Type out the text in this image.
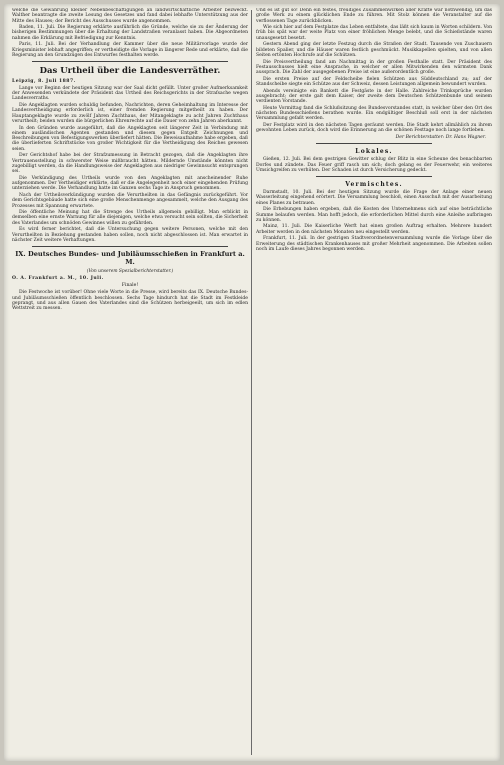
welche die Gewährung kleiner Nebenbeschäftigungen an landwirtschaftliche Arbeiter bezweckt. Walther beantragte die zweite Lesung des Gesetzes und fand dabei lebhafte Unterstützung aus der Mitte des Hauses; der Bericht des Ausschusses wurde angenommen.

Baden, 11. Juli. Die Regierung erklärte ausführlich die Gründe, welche sie zu der Änderung der bisherigen Bestimmungen über die Erhaltung der Landstraßen veranlasst haben. Die Abgeordneten nahmen die Erklärung mit Befriedigung zur Kenntnis.

Paris, 11. Juli. Bei der Verhandlung der Kammer über die neue Militärvorlage wurde der Kriegsminister lebhaft angegriffen; er vertheidigte die Vorlage in längerer Rede und erklärte, daß die Regierung an den Grundzügen des Entwurfes festhalten werde.

Das Urtheil über die Landesverräther.

Leipzig, 8. Juli 1887.

Lange vor Beginn der heutigen Sitzung war der Saal dicht gefüllt. Unter großer Aufmerksamkeit der Anwesenden verkündete der Präsident das Urtheil des Reichsgerichts in der Strafsache wegen Landesverraths.

Die Angeklagten wurden schuldig befunden, Nachrichten, deren Geheimhaltung im Interesse der Landesvertheidigung erforderlich ist, einer fremden Regierung mitgetheilt zu haben. Der Hauptangeklagte wurde zu zwölf Jahren Zuchthaus, der Mitangeklagte zu acht Jahren Zuchthaus verurtheilt; beiden wurden die bürgerlichen Ehrenrechte auf die Dauer von zehn Jahren aberkannt.

In den Gründen wurde ausgeführt, daß die Angeklagten seit längerer Zeit in Verbindung mit einem ausländischen Agenten gestanden und diesem gegen Entgelt Zeichnungen und Beschreibungen von Befestigungswerken überliefert hätten. Die Beweisaufnahme habe ergeben, daß die überlieferten Schriftstücke von großer Wichtigkeit für die Vertheidigung des Reiches gewesen seien.

Der Gerichtshof habe bei der Strafzumessung in Betracht gezogen, daß die Angeklagten ihre Vertrauensstellung in schwerster Weise mißbraucht hätten. Mildernde Umstände könnten nicht zugebilligt werden, da die Handlungsweise der Angeklagten aus niedriger Gewinnsucht entsprungen sei.

Die Verkündigung des Urtheils wurde von den Angeklagten mit anscheinender Ruhe aufgenommen. Der Vertheidiger erklärte, daß er die Angelegenheit noch einer eingehenden Prüfung unterziehen werde. Die Verhandlung hatte im Ganzen sechs Tage in Anspruch genommen.

Nach der Urtheilsverkündigung wurden die Verurtheilten in das Gefängnis zurückgeführt. Vor dem Gerichtsgebäude hatte sich eine große Menschenmenge angesammelt, welche den Ausgang des Prozesses mit Spannung erwartete.

Die öffentliche Meinung hat die Strenge des Urtheils allgemein gebilligt. Man erblickt in demselben eine ernste Warnung für alle diejenigen, welche etwa versucht sein sollten, die Sicherheit des Vaterlandes um schnöden Gewinnes willen zu gefährden.

Es wird ferner berichtet, daß die Untersuchung gegen weitere Personen, welche mit den Verurtheilten in Beziehung gestanden haben sollen, noch nicht abgeschlossen ist. Man erwartet in nächster Zeit weitere Verhaftungen.

IX. Deutsches Bundes- und Jubiläumsschießen in Frankfurt a. M.
(Von unserem Spezialberichterstatter.)

O. A. Frankfurt a. M., 10. Juli.

Finale!

Die Festwoche ist vorüber! Ohne viele Worte in die Presse, wird bereits das IX. Deutsche Bundes- und Jubiläumsschießen öffentlich beschlossen. Sechs Tage hindurch hat die Stadt im Festkleide geprangt, und aus allen Gauen des Vaterlandes sind die Schützen herbeigeeilt, um sich im edlen Wettstreit zu messen.

Und es ist gut so! Denn ein festes, freudiges Zusammenwirken aller Kräfte war nothwendig, um das große Werk zu einem glücklichen Ende zu führen. Mit Stolz können die Veranstalter auf die verflossenen Tage zurückblicken.

Wie sich hier auf dem Festplatze das Leben entfaltete, das läßt sich kaum in Worten schildern. Von früh bis spät war der weite Platz von einer fröhlichen Menge belebt, und die Schießstände waren unausgesetzt besetzt.

Gestern Abend ging der letzte Festzug durch die Straßen der Stadt. Tausende von Zuschauern bildeten Spalier, und die Häuser waren festlich geschmückt. Musikkapellen spielten, und von allen Seiten ertönten Hochrufe auf die Schützen.

Die Preisvertheilung fand am Nachmittag in der großen Festhalle statt. Der Präsident des Festausschusses hielt eine Ansprache, in welcher er allen Mitwirkenden den wärmsten Dank aussprach. Die Zahl der ausgegebenen Preise ist eine außerordentlich große.

Die ersten Preise auf der Feldscheibe fielen Schützen aus Süddeutschland zu; auf der Standscheibe siegte ein Schütze aus der Schweiz, dessen Leistungen allgemein bewundert wurden.

Abends vereinigte ein Bankett die Festgäste in der Halle. Zahlreiche Trinksprüche wurden ausgebracht; der erste galt dem Kaiser, der zweite dem Deutschen Schützenbunde und seinem verdienten Vorstande.

Heute Vormittag fand die Schlußsitzung des Bundesvorstandes statt, in welcher über den Ort des nächsten Bundesschießens berathen wurde. Ein endgültiger Beschluß soll erst in der nächsten Versammlung gefaßt werden.

Der Festplatz wird in den nächsten Tagen geräumt werden. Die Stadt kehrt allmählich zu ihrem gewohnten Leben zurück, doch wird die Erinnerung an die schönen Festtage noch lange fortleben.

Der Berichterstatter: Dr. Hans Wagner.

Lokales.

Gießen, 12. Juli. Bei dem gestrigen Gewitter schlug der Blitz in eine Scheune des benachbarten Dorfes und zündete. Das Feuer griff rasch um sich; doch gelang es der Feuerwehr, ein weiteres Umsichgreifen zu verhüten. Der Schaden ist durch Versicherung gedeckt.

Vermischtes.

Darmstadt, 10. Juli. Bei der heutigen Sitzung wurde die Frage der Anlage einer neuen Wasserleitung eingehend erörtert. Die Versammlung beschloß, einen Ausschuß mit der Ausarbeitung eines Planes zu betrauen.

Die Erhebungen haben ergeben, daß die Kosten des Unternehmens sich auf eine beträchtliche Summe belaufen werden. Man hofft jedoch, die erforderlichen Mittel durch eine Anleihe aufbringen zu können.

Mainz, 11. Juli. Die Kaiserliche Werft hat einen großen Auftrag erhalten. Mehrere hundert Arbeiter werden in den nächsten Monaten neu eingestellt werden.

Frankfurt, 11. Juli. In der gestrigen Stadtverordnetenversammlung wurde die Vorlage über die Erweiterung des städtischen Krankenhauses mit großer Mehrheit angenommen. Die Arbeiten sollen noch im Laufe dieses Jahres begonnen werden.
